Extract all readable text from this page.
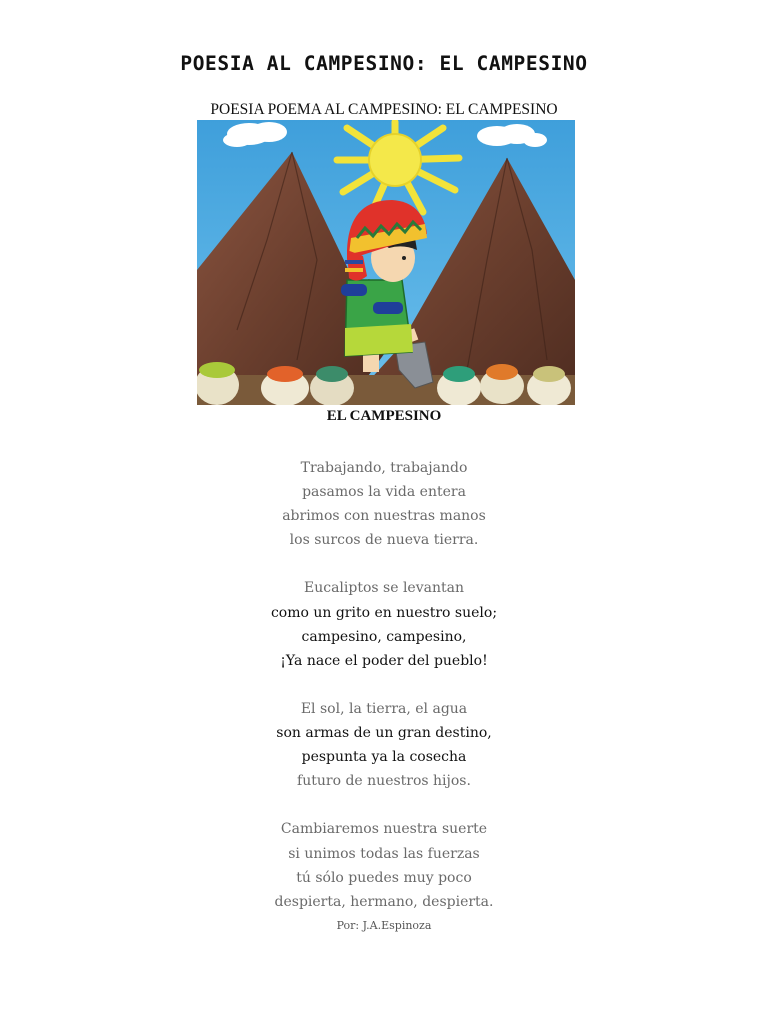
POESIA AL CAMPESINO: EL CAMPESINO

POESIA POEMA AL CAMPESINO: EL CAMPESINO

EL CAMPESINO

Trabajando, trabajando
pasamos la vida entera
abrimos con nuestras manos
los surcos de nueva tierra.
Eucaliptos se levantan
como un grito en nuestro suelo;
campesino, campesino,
¡Ya nace el poder del pueblo!
El sol, la tierra, el agua
son armas de un gran destino,
pespunta ya la cosecha
futuro de nuestros hijos.
Cambiaremos nuestra suerte
si unimos todas las fuerzas
tú sólo puedes muy poco
despierta, hermano, despierta.

Por: J.A.Espinoza
